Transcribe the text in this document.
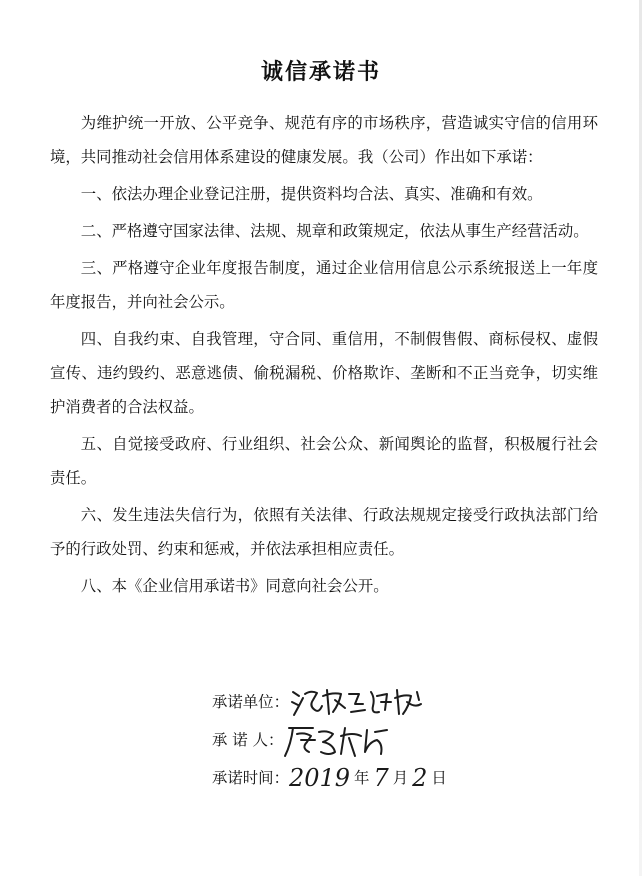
诚信承诺书

为维护统一开放、公平竞争、规范有序的市场秩序，营造诚实守信的信用环境，共同推动社会信用体系建设的健康发展。我（公司）作出如下承诺：

一、依法办理企业登记注册，提供资料均合法、真实、准确和有效。

二、严格遵守国家法律、法规、规章和政策规定，依法从事生产经营活动。

三、严格遵守企业年度报告制度，通过企业信用信息公示系统报送上一年度年度报告，并向社会公示。

四、自我约束、自我管理，守合同、重信用，不制假售假、商标侵权、虚假宣传、违约毁约、恶意逃债、偷税漏税、价格欺诈、垄断和不正当竞争，切实维护消费者的合法权益。

五、自觉接受政府、行业组织、社会公众、新闻舆论的监督，积极履行社会责任。

六、发生违法失信行为，依照有关法律、行政法规规定接受行政执法部门给予的行政处罚、约束和惩戒，并依法承担相应责任。

八、本《企业信用承诺书》同意向社会公开。

承诺单位：
承 诺 人：
承诺时间：2019 年 7 月 2 日
